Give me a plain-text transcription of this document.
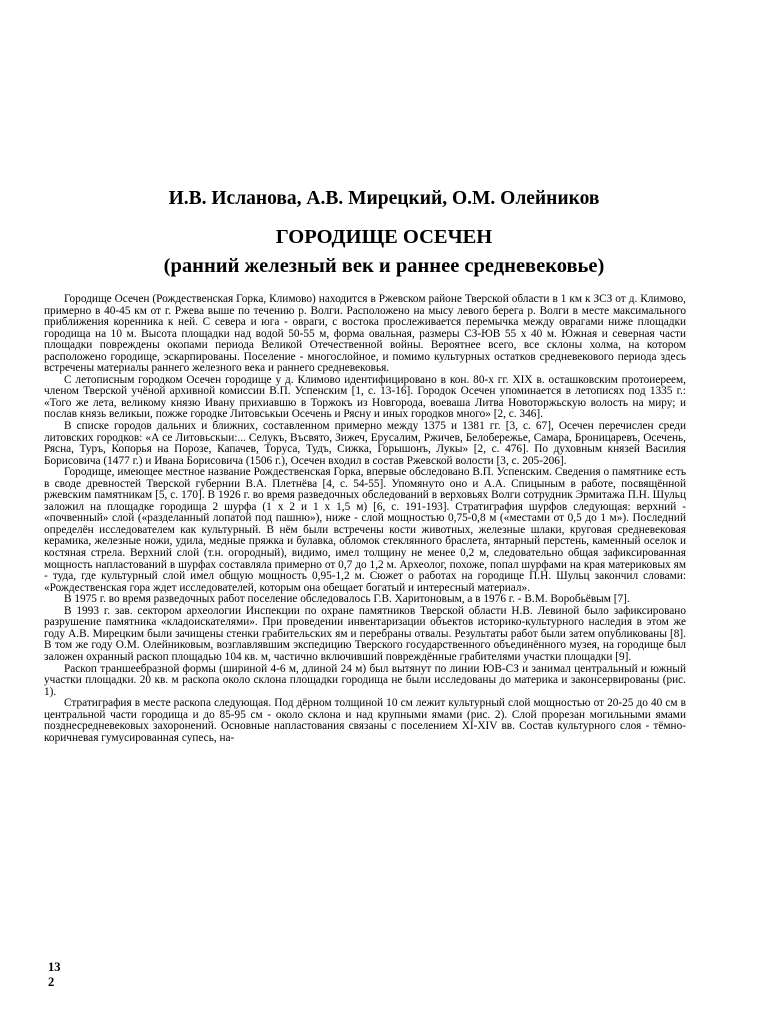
И.В. Исланова, А.В. Мирецкий, О.М. Олейников
ГОРОДИЩЕ ОСЕЧЕН
(ранний железный век и раннее средневековье)

Городище Осечен (Рождественская Горка, Климово) находится в Ржевском районе Тверской области в 1 км к ЗСЗ от д. Климово, примерно в 40-45 км от г. Ржева выше по течению р. Волги. Расположено на мысу левого берега р. Волги в месте максимального приближения коренника к ней. С севера и юга - овраги, с востока прослеживается перемычка между оврагами ниже площадки городища на 10 м. Высота площадки над водой 50-55 м, форма овальная, размеры СЗ-ЮВ 55 х 40 м. Южная и северная части площадки повреждены окопами периода Великой Отечественной войны. Вероятнее всего, все склоны холма, на котором расположено городище, эскарпированы. Поселение - многослойное, и помимо культурных остатков средневекового периода здесь встречены материалы раннего железного века и раннего средневековья.

С летописным городком Осечен городище у д. Климово идентифицировано в кон. 80-х гг. XIX в. осташковским протоиереем, членом Тверской учёной архивной комиссии В.П. Успенским [1, с. 13-16]. Городок Осечен упоминается в летописях под 1335 г.: «Того же лета, великому князю Ивану прихиавшю в Торжокъ из Новгорода, воеваша Литва Новоторжьскую волость на миру; и послав князь великыи, пожже городке Литовськыи Осечень и Рясну и иных городков много» [2, с. 346].

В списке городов дальних и ближних, составленном примерно между 1375 и 1381 гг. [3, с. 67], Осечен перечислен среди литовских городков: «А се Литовьскыи:... Селукъ, Въсвято, Зижеч, Ерусалим, Ржичев, Белобережье, Самара, Броницаревъ, Осечень, Рясна, Туръ, Копорья на Порозе, Капачев, Торуса, Тудъ, Сижка, Горышонъ, Лукы» [2, с. 476]. По духовным князей Василия Борисовича (1477 г.) и Ивана Борисовича (1506 г.), Осечен входил в состав Ржевской волости [3, с. 205-206].

Городище, имеющее местное название Рождественская Горка, впервые обследовано В.П. Успенским. Сведения о памятнике есть в своде древностей Тверской губернии В.А. Плетнёва [4, с. 54-55]. Упомянуто оно и А.А. Спицыным в работе, посвящённой ржевским памятникам [5, с. 170]. В 1926 г. во время разведочных обследований в верховьях Волги сотрудник Эрмитажа П.Н. Шульц заложил на площадке городища 2 шурфа (1 х 2 и 1 х 1,5 м) [6, с. 191-193]. Стратиграфия шурфов следующая: верхний - «почвенный» слой («разделанный лопатой под пашню»), ниже - слой мощностью 0,75-0,8 м («местами от 0,5 до 1 м»). Последний определён исследователем как культурный. В нём были встречены кости животных, железные шлаки, круговая средневековая керамика, железные ножи, удила, медные пряжка и булавка, обломок стеклянного браслета, янтарный перстень, каменный оселок и костяная стрела. Верхний слой (т.н. огородный), видимо, имел толщину не менее 0,2 м, следовательно общая зафиксированная мощность напластований в шурфах составляла примерно от 0,7 до 1,2 м. Археолог, похоже, попал шурфами на края материковых ям - туда, где культурный слой имел общую мощность 0,95-1,2 м. Сюжет о работах на городище П.Н. Шульц закончил словами: «Рождественская гора ждет исследователей, которым она обещает богатый и интересный материал».

В 1975 г. во время разведочных работ поселение обследовалось Г.В. Харитоновым, а в 1976 г. - В.М. Воробьёвым [7].

В 1993 г. зав. сектором археологии Инспекции по охране памятников Тверской области Н.В. Левиной было зафиксировано разрушение памятника «кладоискателями». При проведении инвентаризации объектов историко-культурного наследия в этом же году А.В. Мирецким были зачищены стенки грабительских ям и перебраны отвалы. Результаты работ были затем опубликованы [8]. В том же году О.М. Олейниковым, возглавлявшим экспедицию Тверского государственного объединённого музея, на городище был заложен охранный раскоп площадью 104 кв. м, частично включивший повреждённые грабителями участки площадки [9].

Раскоп траншеебразной формы (шириной 4-6 м, длиной 24 м) был вытянут по линии ЮВ-СЗ и занимал центральный и южный участки площадки. 20 кв. м раскопа около склона площадки городища не были исследованы до материка и законсервированы (рис. 1).

Стратиграфия в месте раскопа следующая. Под дёрном толщиной 10 см лежит культурный слой мощностью от 20-25 до 40 см в центральной части городища и до 85-95 см - около склона и над крупными ямами (рис. 2). Слой прорезан могильными ямами позднесредневековых захоронений. Основные напластования связаны с поселением XI-XIV вв. Состав культурного слоя - тёмно-коричневая гумусированная супесь, на-

13 2
